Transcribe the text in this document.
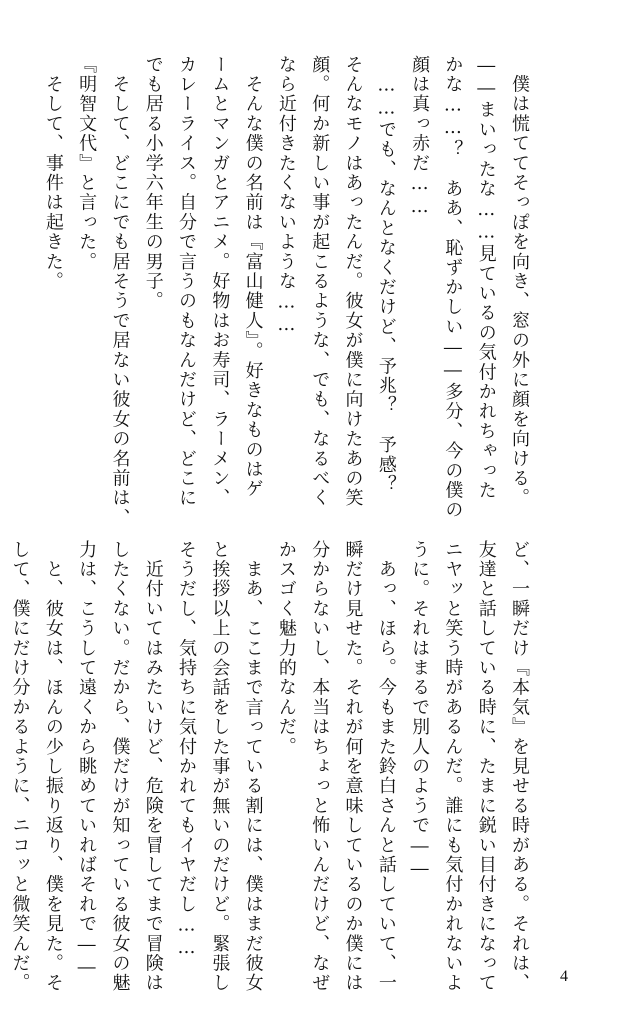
　僕は慌ててそっぽを向き、窓の外に顔を向ける。
――まいったな……見ているの気付かれちゃった
かな……？　ああ、恥ずかしい――多分、今の僕の
顔は真っ赤だ……
　……でも、なんとなくだけど、予兆？　予感？
そんなモノはあったんだ。彼女が僕に向けたあの笑
顔。何か新しい事が起こるような、でも、なるべく
なら近付きたくないような……
　そんな僕の名前は『富山健人』。好きなものはゲ
ームとマンガとアニメ。好物はお寿司、ラーメン、
カレーライス。自分で言うのもなんだけど、どこに
でも居る小学六年生の男子。
　そして、どこにでも居そうで居ない彼女の名前は、
『明智文代』と言った。
　そして、事件は起きた。
ど、一瞬だけ『本気』を見せる時がある。それは、
友達と話している時に、たまに鋭い目付きになって
ニヤッと笑う時があるんだ。誰にも気付かれないよ
うに。それはまるで別人のようで――
　あっ、ほら。今もまた鈴白さんと話していて、一
瞬だけ見せた。それが何を意味しているのか僕には
分からないし、本当はちょっと怖いんだけど、なぜ
かスゴく魅力的なんだ。
　まあ、ここまで言っている割には、僕はまだ彼女
と挨拶以上の会話をした事が無いのだけど。緊張し
そうだし、気持ちに気付かれてもイヤだし……
　近付いてはみたいけど、危険を冒してまで冒険は
したくない。だから、僕だけが知っている彼女の魅
力は、こうして遠くから眺めていればそれで――
　と、彼女は、ほんの少し振り返り、僕を見た。そ
して、僕にだけ分かるように、ニコッと微笑んだ。	4
